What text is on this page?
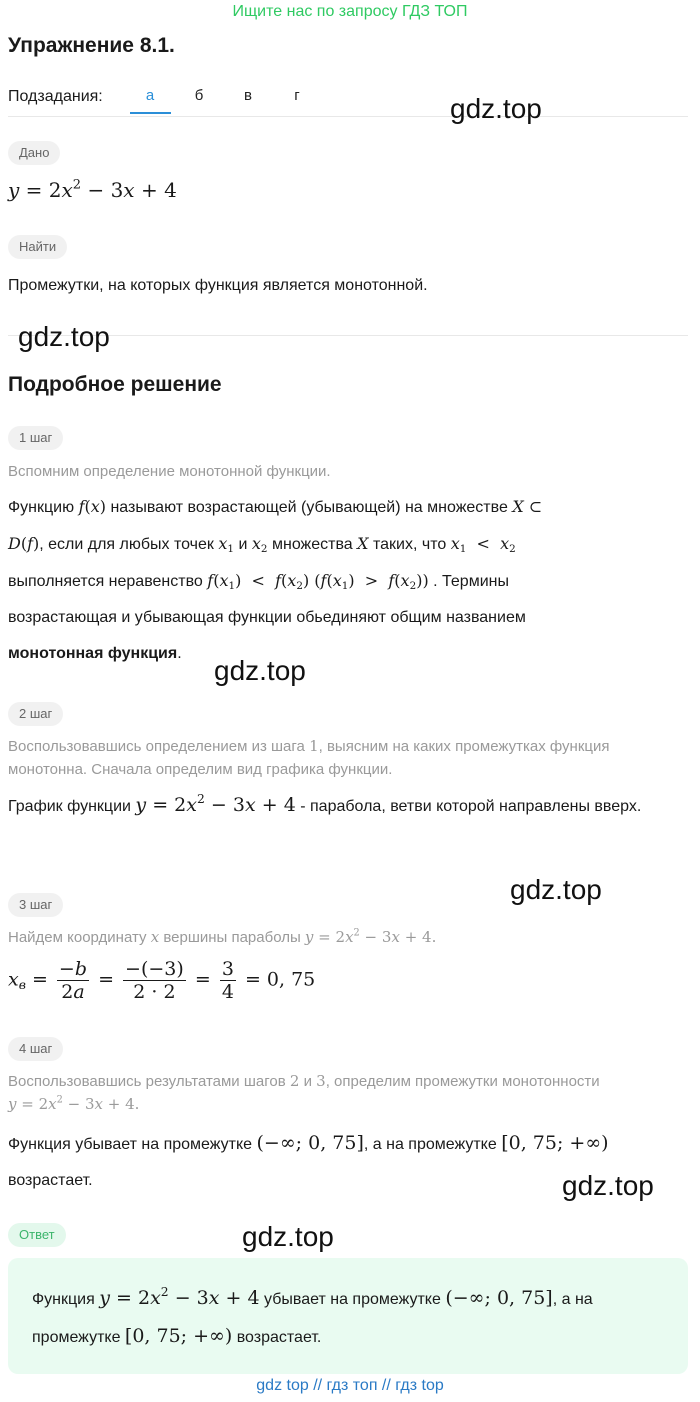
Ищите нас по запросу ГДЗ ТОП
Упражнение 8.1.
Подзадания:	а	б	в	г	gdz.top
Дано
$y = 2x^2 - 3x + 4$
Найти
Промежутки, на которых функция является монотонной.
gdz.top
Подробное решение
1 шаг
Вспомним определение монотонной функции.
Функцию f(x) называют возрастающей (убывающей) на множестве X ⊂
D(f), если для любых точек $x_1$ и $x_2$ множества X таких, что $x_1 < x_2$
выполняется неравенство $f(x_1) < f(x_2) (f(x_1) > f(x_2))$ . Термины
возрастающая и убывающая функции обьединяют общим названием
монотонная функция.
gdz.top
2 шаг
Воспользовавшись определением из шага 1, выясним на каких промежутках функция монотонна. Сначала определим вид графика функции.
График функции $y = 2x^2 - 3x + 4$ - парабола, ветви которой направлены вверх.
gdz.top
3 шаг
Найдем координату x вершины параболы $y = 2x^2 - 3x + 4$.
$x_в = \frac{-b}{2a} = \frac{-(-3)}{2 \cdot 2} = \frac{3}{4} = 0$, 75
4 шаг
Воспользовавшись результатами шагов 2 и 3, определим промежутки монотонности
$y = 2x^2 - 3x + 4$.
Функция убывает на промежутке (−∞; 0, 75], а на промежутке [0, 75; +∞)
возрастает.	gdz.top
Ответ	gdz.top
Функция $y = 2x^2 - 3x + 4$ убывает на промежутке (−∞; 0, 75], а на
промежутке [0, 75; +∞) возрастает.
gdz top // гдз топ // гдз top
